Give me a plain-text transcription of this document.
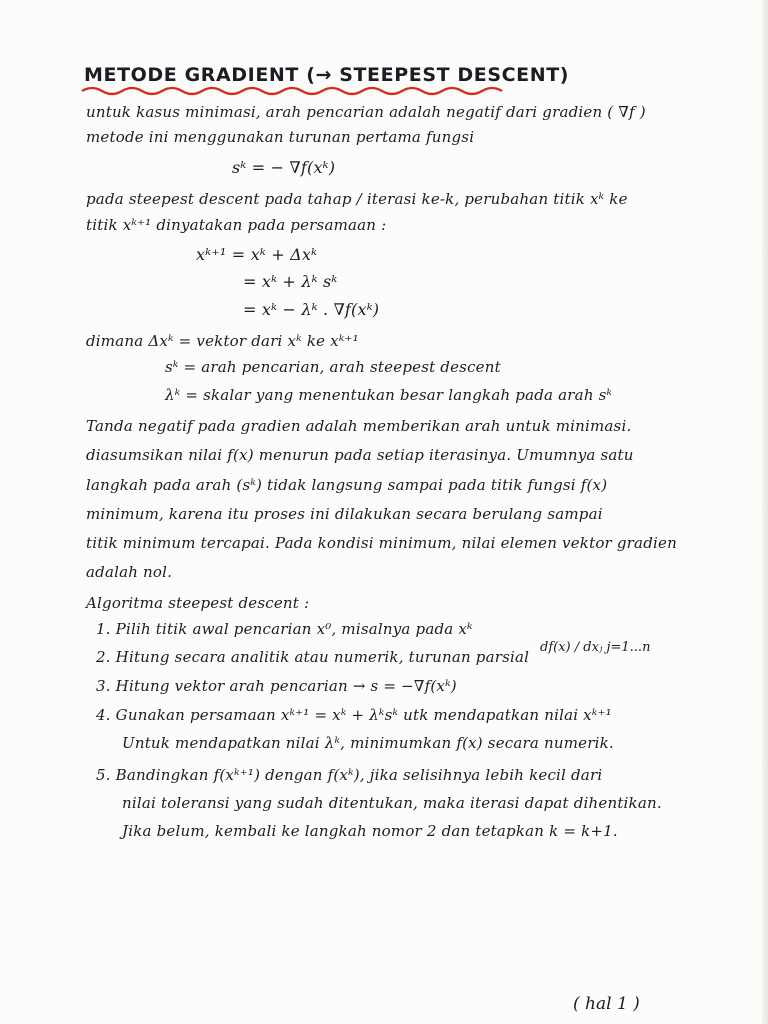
METODE GRADIENT (→ STEEPEST DESCENT)
untuk kasus minimasi, arah pencarian adalah negatif dari gradien ( ∇f )
metode ini menggunakan turunan pertama fungsi
sᵏ = − ∇f(xᵏ)
pada steepest descent pada tahap / iterasi ke-k, perubahan titik xᵏ ke
titik xᵏ⁺¹ dinyatakan pada persamaan :
xᵏ⁺¹ = xᵏ + Δxᵏ
= xᵏ + λᵏ sᵏ
= xᵏ − λᵏ . ∇f(xᵏ)
dimana Δxᵏ = vektor dari xᵏ ke xᵏ⁺¹
sᵏ = arah pencarian, arah steepest descent
λᵏ = skalar yang menentukan besar langkah pada arah sᵏ
Tanda negatif pada gradien adalah memberikan arah untuk minimasi.
diasumsikan nilai f(x) menurun pada setiap iterasinya. Umumnya satu
langkah pada arah (sᵏ) tidak langsung sampai pada titik fungsi f(x)
minimum, karena itu proses ini dilakukan secara berulang sampai
titik minimum tercapai. Pada kondisi minimum, nilai elemen vektor gradien
adalah nol.
Algoritma steepest descent :
1. Pilih titik awal pencarian x⁰, misalnya pada xᵏ
2. Hitung secara analitik atau numerik, turunan parsial
df(x) / dxⱼ j=1...n
3. Hitung vektor arah pencarian → s = −∇f(xᵏ)
4. Gunakan persamaan xᵏ⁺¹ = xᵏ + λᵏsᵏ utk mendapatkan nilai xᵏ⁺¹
Untuk mendapatkan nilai λᵏ, minimumkan f(x) secara numerik.
5. Bandingkan f(xᵏ⁺¹) dengan f(xᵏ), jika selisihnya lebih kecil dari
nilai toleransi yang sudah ditentukan, maka iterasi dapat dihentikan.
Jika belum, kembali ke langkah nomor 2 dan tetapkan k = k+1.
( hal 1 )
